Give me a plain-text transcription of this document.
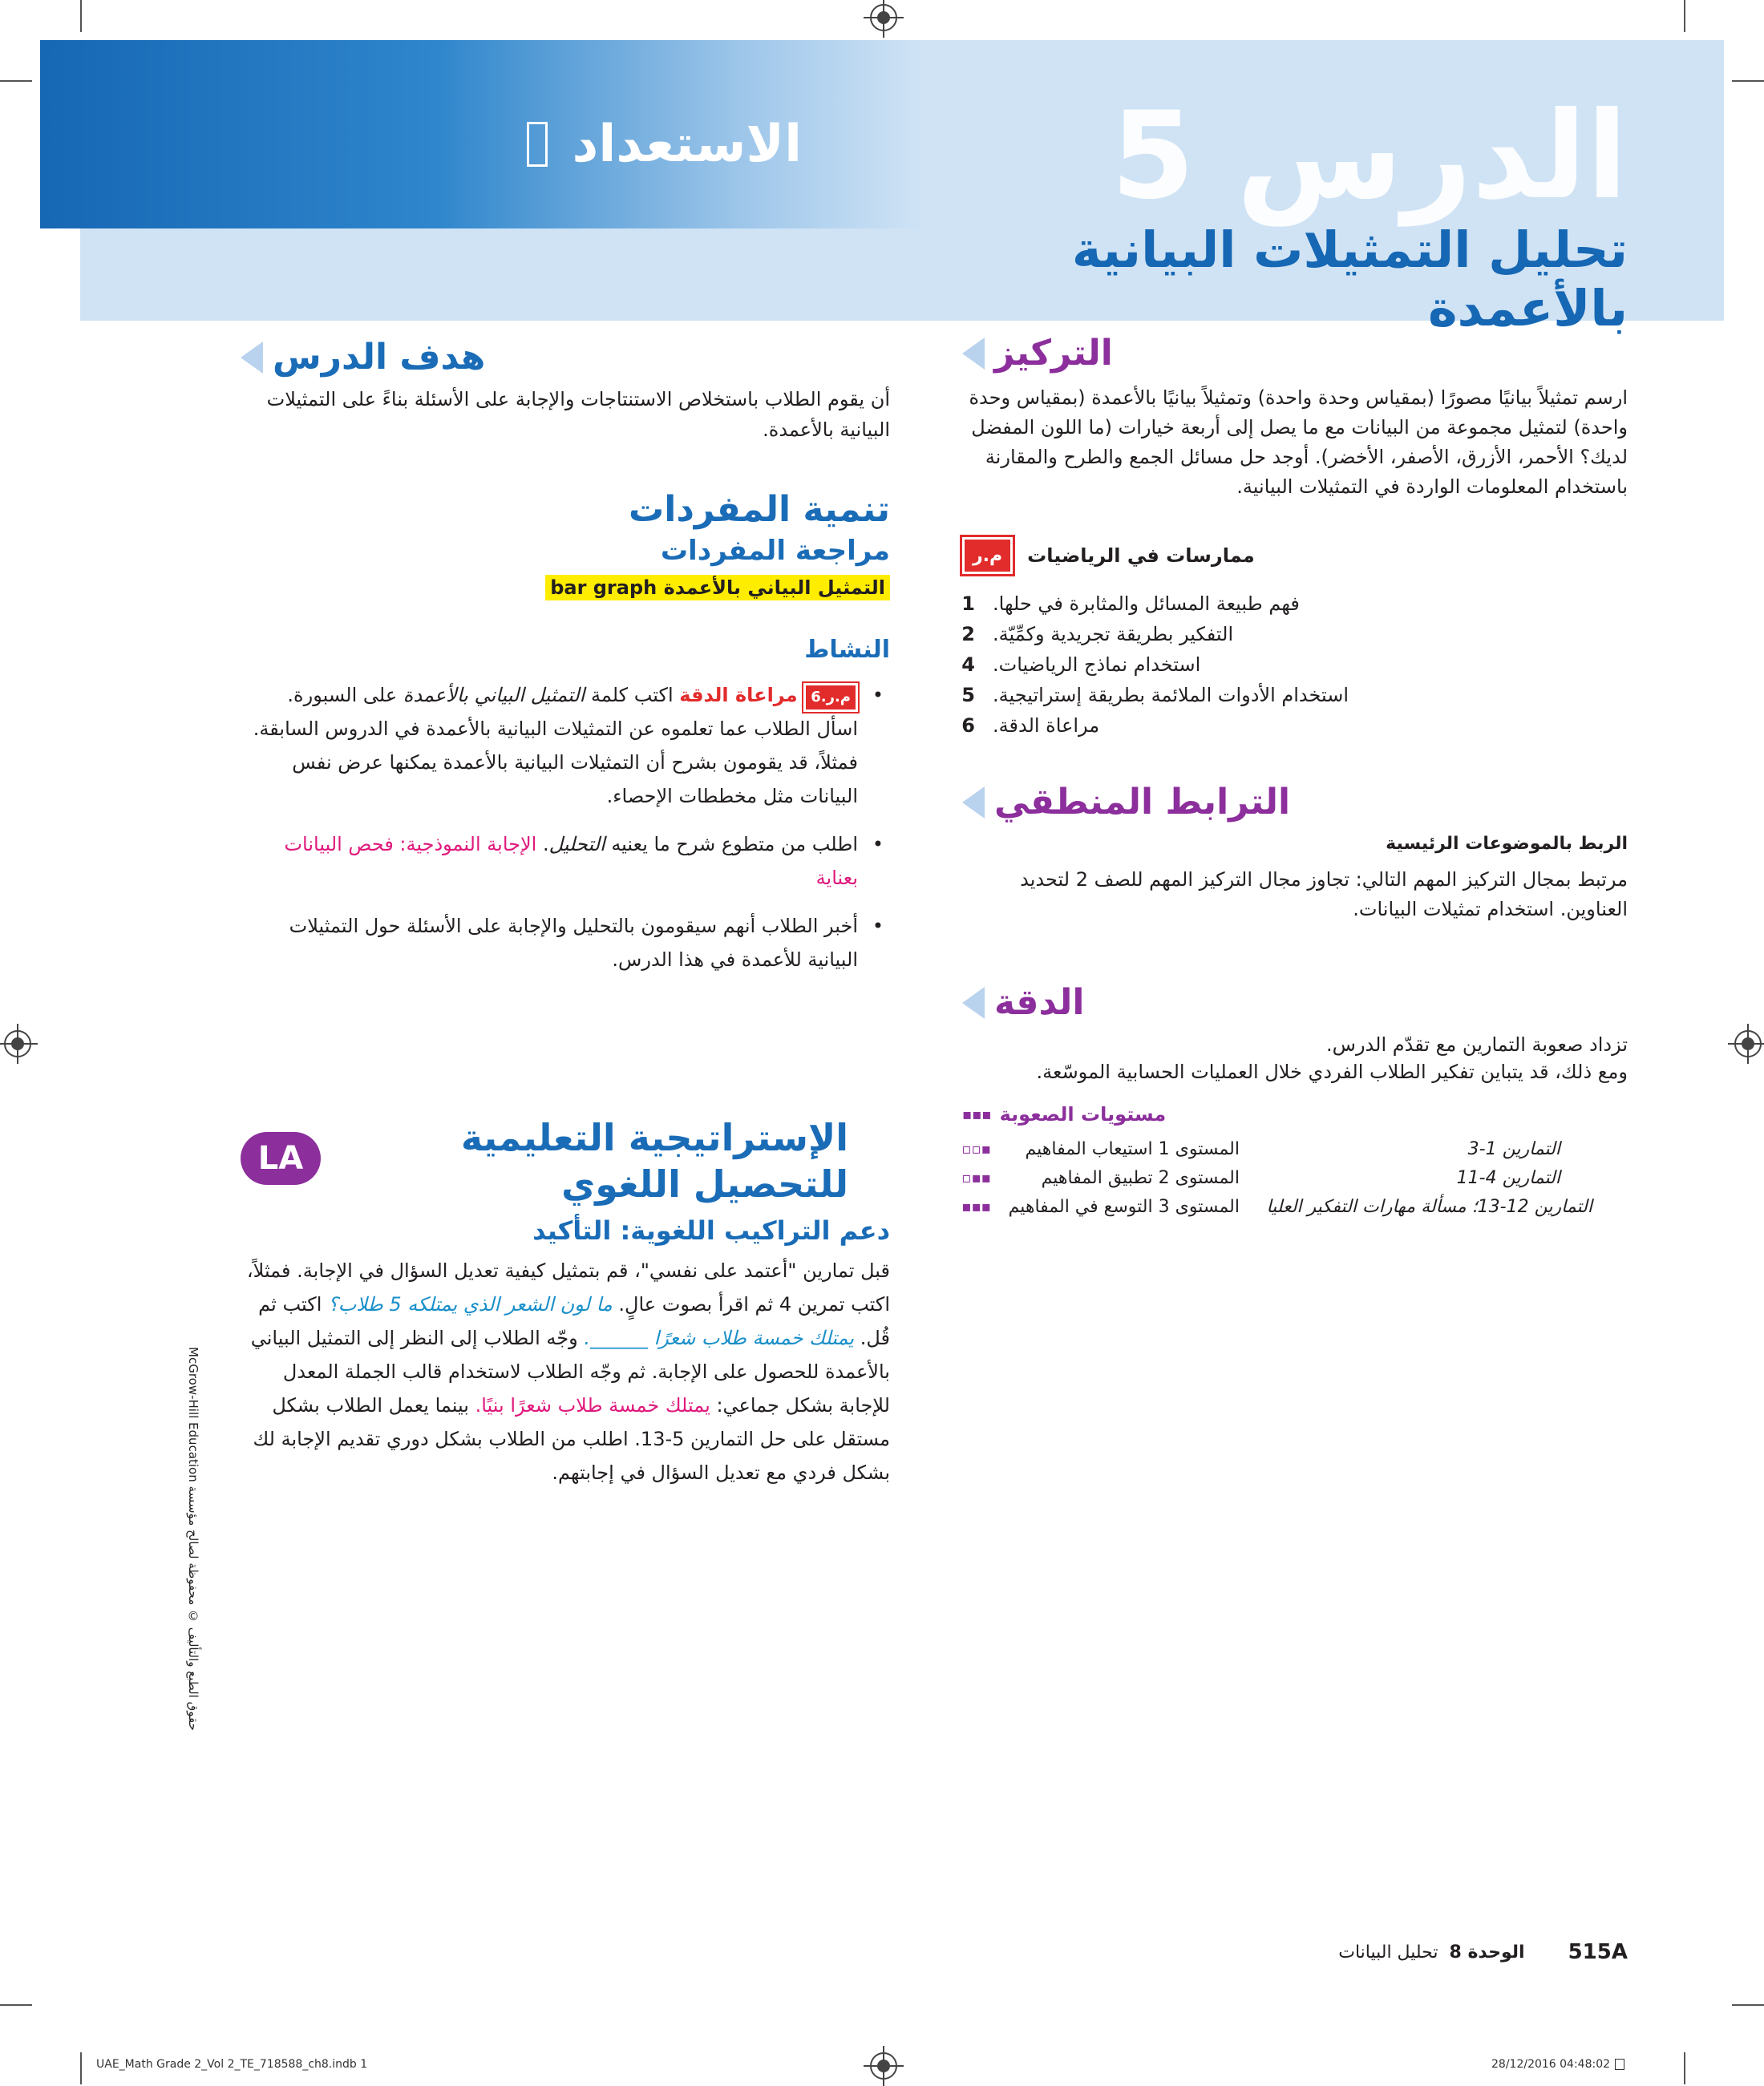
الاستعداد	الدرس 5
تحليل التمثيلات البيانية بالأعمدة
التركيز
ارسم تمثيلاً بيانيًا مصورًا (بمقياس وحدة واحدة) وتمثيلاً بيانيًا بالأعمدة (بمقياس وحدة واحدة) لتمثيل مجموعة من البيانات مع ما يصل إلى أربعة خيارات (ما اللون المفضل لديك؟ الأحمر، الأزرق، الأصفر، الأخضر). أوجد حل مسائل الجمع والطرح والمقارنة باستخدام المعلومات الواردة في التمثيلات البيانية.
م.ر	ممارسات في الرياضيات
1 فهم طبيعة المسائل والمثابرة في حلها.
2 التفكير بطريقة تجريدية وكمِّيّة.
4 استخدام نماذج الرياضيات.
5 استخدام الأدوات الملائمة بطريقة إستراتيجية.
6 مراعاة الدقة.
الترابط المنطقي
الربط بالموضوعات الرئيسية
مرتبط بمجال التركيز المهم التالي: تجاوز مجال التركيز المهم للصف 2 لتحديد العناوين. استخدام تمثيلات البيانات.
الدقة
تزداد صعوبة التمارين مع تقدّم الدرس.
ومع ذلك، قد يتباين تفكير الطلاب الفردي خلال العمليات الحسابية الموسّعة.
▪▪▪ مستويات الصعوبة
▪▫▫	المستوى 1 استيعاب المفاهيم	التمارين 1-3
▪▪▫	المستوى 2 تطبيق المفاهيم	التمارين 4-11
▪▪▪ المستوى 3 التوسع في المفاهيم	التمارين 12-13؛ مسألة مهارات التفكير العليا
هدف الدرس
أن يقوم الطلاب باستخلاص الاستنتاجات والإجابة على الأسئلة بناءً على التمثيلات البيانية بالأعمدة.
تنمية المفردات
مراجعة المفردات
التمثيل البياني بالأعمدة bar graph
النشاط
• م.ر.6 مراعاة الدقة اكتب كلمة التمثيل البياني بالأعمدة على السبورة. اسأل الطلاب عما تعلموه عن التمثيلات البيانية بالأعمدة في الدروس السابقة. فمثلاً، قد يقومون بشرح أن التمثيلات البيانية بالأعمدة يمكنها عرض نفس البيانات مثل مخططات الإحصاء.
• اطلب من متطوع شرح ما يعنيه التحليل. الإجابة النموذجية: فحص البيانات بعناية
• أخبر الطلاب أنهم سيقومون بالتحليل والإجابة على الأسئلة حول التمثيلات البيانية للأعمدة في هذا الدرس.
LA	الإستراتيجية التعليمية للتحصيل اللغوي
دعم التراكيب اللغوية: التأكيد
قبل تمارين "أعتمد على نفسي"، قم بتمثيل كيفية تعديل السؤال في الإجابة. فمثلاً، اكتب تمرين 4 ثم اقرأ بصوت عالٍ. ما لون الشعر الذي يمتلكه 5 طلاب؟ اكتب ثم قُل. يمتلك خمسة طلاب شعرًا ______. وجّه الطلاب إلى النظر إلى التمثيل البياني بالأعمدة للحصول على الإجابة. ثم وجّه الطلاب لاستخدام قالب الجملة المعدل للإجابة بشكل جماعي: يمتلك خمسة طلاب شعرًا بنيًا. بينما يعمل الطلاب بشكل مستقل على حل التمارين 5-13. اطلب من الطلاب بشكل دوري تقديم الإجابة لك بشكل فردي مع تعديل السؤال في إجابتهم.
McGrow-Hill Education حقوق الطبع والتأليف © محفوظة لصالح مؤسسة
515A
الوحدة 8
تحليل البيانات
UAE_Math Grade 2_Vol 2_TE_718588_ch8.indb 1	28/12/2016 04:48:02
